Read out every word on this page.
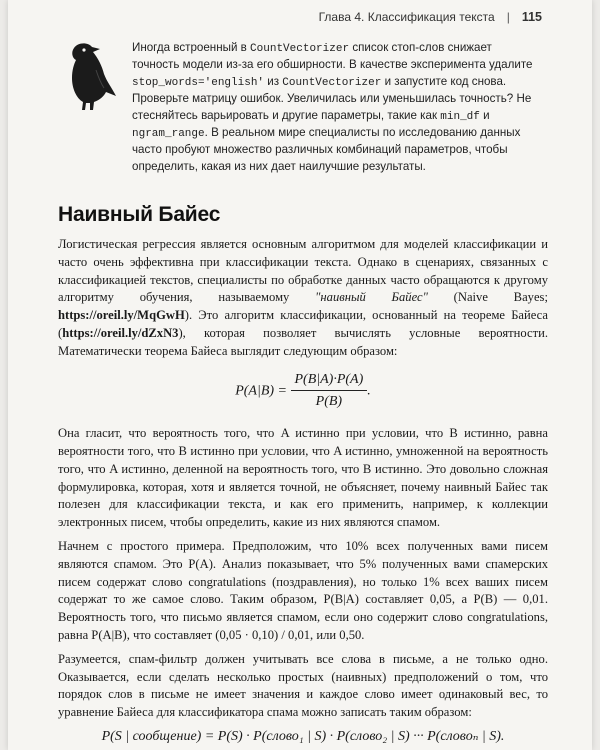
Глава 4. Классификация текста | 115
Иногда встроенный в CountVectorizer список стоп-слов снижает точность модели из-за его обширности. В качестве эксперимента удалите stop_words='english' из CountVectorizer и запустите код снова. Проверьте матрицу ошибок. Увеличилась или уменьшилась точность? Не стесняйтесь варьировать и другие параметры, такие как min_df и ngram_range. В реальном мире специалисты по исследованию данных часто пробуют множество различных комбинаций параметров, чтобы определить, какая из них дает наилучшие результаты.
Наивный Байес

Логистическая регрессия является основным алгоритмом для моделей классификации и часто очень эффективна при классификации текста. Однако в сценариях, связанных с классификацией текстов, специалисты по обработке данных часто обращаются к другому алгоритму обучения, называемому "наивный Байес" (Naive Bayes; https://oreil.ly/MqGwH). Это алгоритм классификации, основанный на теореме Байеса (https://oreil.ly/dZxN3), которая позволяет вычислять условные вероятности. Математически теорема Байеса выглядит следующим образом:

$P(A|B) = \frac{P(B|A)\cdot P(A)}{P(B)}$ .

Она гласит, что вероятность того, что A истинно при условии, что B истинно, равна вероятности того, что B истинно при условии, что A истинно, умноженной на вероятность того, что A истинно, деленной на вероятность того, что B истинно. Это довольно сложная формулировка, которая, хотя и является точной, не объясняет, почему наивный Байес так полезен для классификации текста, и как его применить, например, к коллекции электронных писем, чтобы определить, какие из них являются спамом.

Начнем с простого примера. Предположим, что 10% всех полученных вами писем являются спамом. Это P(A). Анализ показывает, что 5% полученных вами спамерских писем содержат слово congratulations (поздравления), но только 1% всех ваших писем содержат то же самое слово. Таким образом, P(B|A) составляет 0,05, а P(B) — 0,01. Вероятность того, что письмо является спамом, если оно содержит слово congratulations, равна P(A|B), что составляет (0,05 · 0,10) / 0,01, или 0,50.

Разумеется, спам-фильтр должен учитывать все слова в письме, а не только одно. Оказывается, если сделать несколько простых (наивных) предположений о том, что порядок слов в письме не имеет значения и каждое слово имеет одинаковый вес, то уравнение Байеса для классификатора спама можно записать таким образом:

P(S | сообщение) = P(S) · P(слово₁ | S) · P(слово₂ | S) ··· P(словоₙ | S).
